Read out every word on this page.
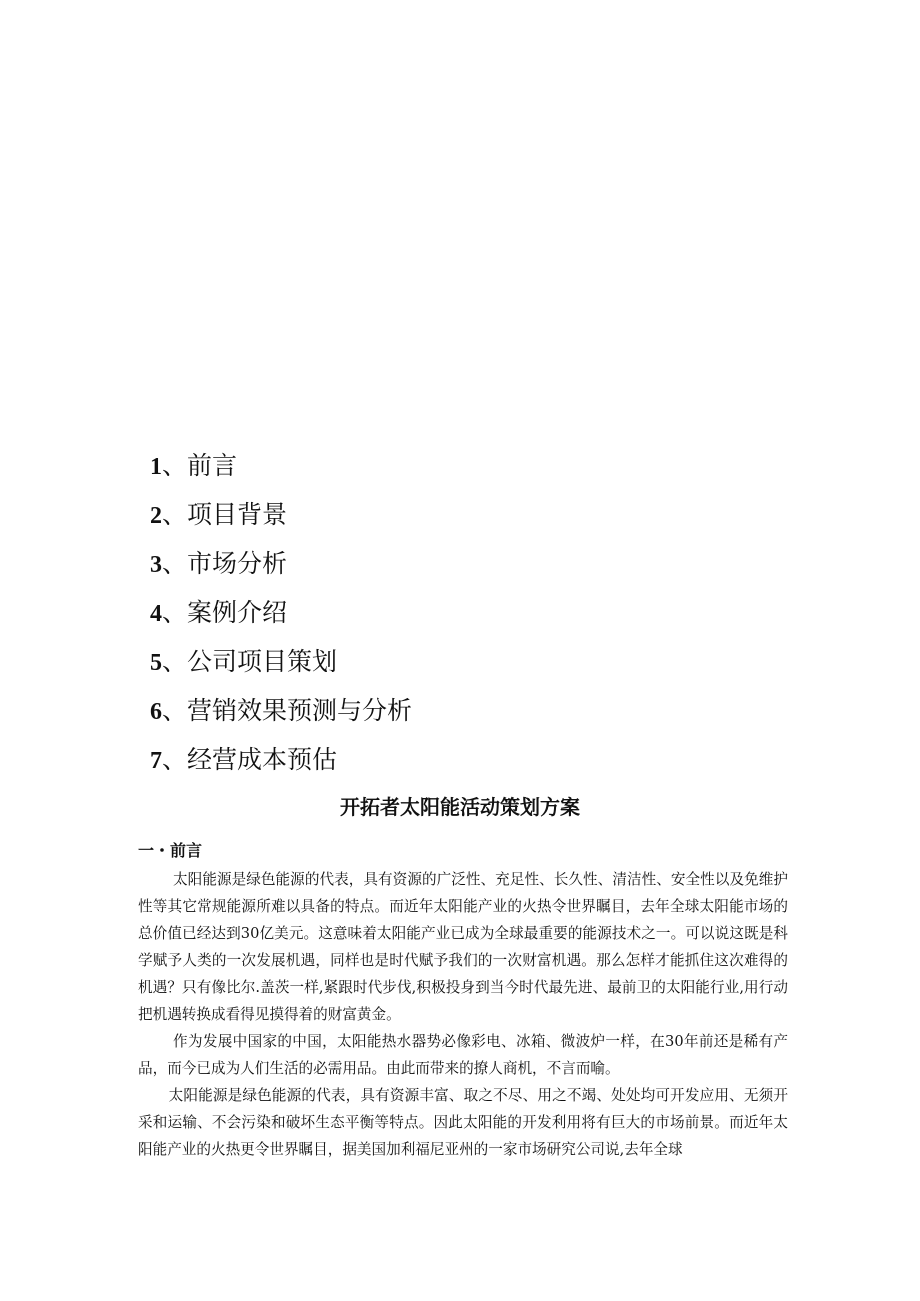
1、前言
2、项目背景
3、市场分析
4、案例介绍
5、公司项目策划
6、营销效果预测与分析
7、经营成本预估
开拓者太阳能活动策划方案
一・前言

太阳能源是绿色能源的代表，具有资源的广泛性、充足性、长久性、清洁性、安全性以及免维护性等其它常规能源所难以具备的特点。而近年太阳能产业的火热令世界瞩目，去年全球太阳能市场的总价值已经达到30亿美元。这意味着太阳能产业已成为全球最重要的能源技术之一。可以说这既是科学赋予人类的一次发展机遇，同样也是时代赋予我们的一次财富机遇。那么怎样才能抓住这次难得的机遇？只有像比尔.盖茨一样,紧跟时代步伐,积极投身到当今时代最先进、最前卫的太阳能行业,用行动把机遇转换成看得见摸得着的财富黄金。

作为发展中国家的中国，太阳能热水器势必像彩电、冰箱、微波炉一样，在30年前还是稀有产品，而今已成为人们生活的必需用品。由此而带来的撩人商机，不言而喻。

太阳能源是绿色能源的代表，具有资源丰富、取之不尽、用之不竭、处处均可开发应用、无须开采和运输、不会污染和破坏生态平衡等特点。因此太阳能的开发利用将有巨大的市场前景。而近年太阳能产业的火热更令世界瞩目，据美国加利福尼亚州的一家市场研究公司说,去年全球
